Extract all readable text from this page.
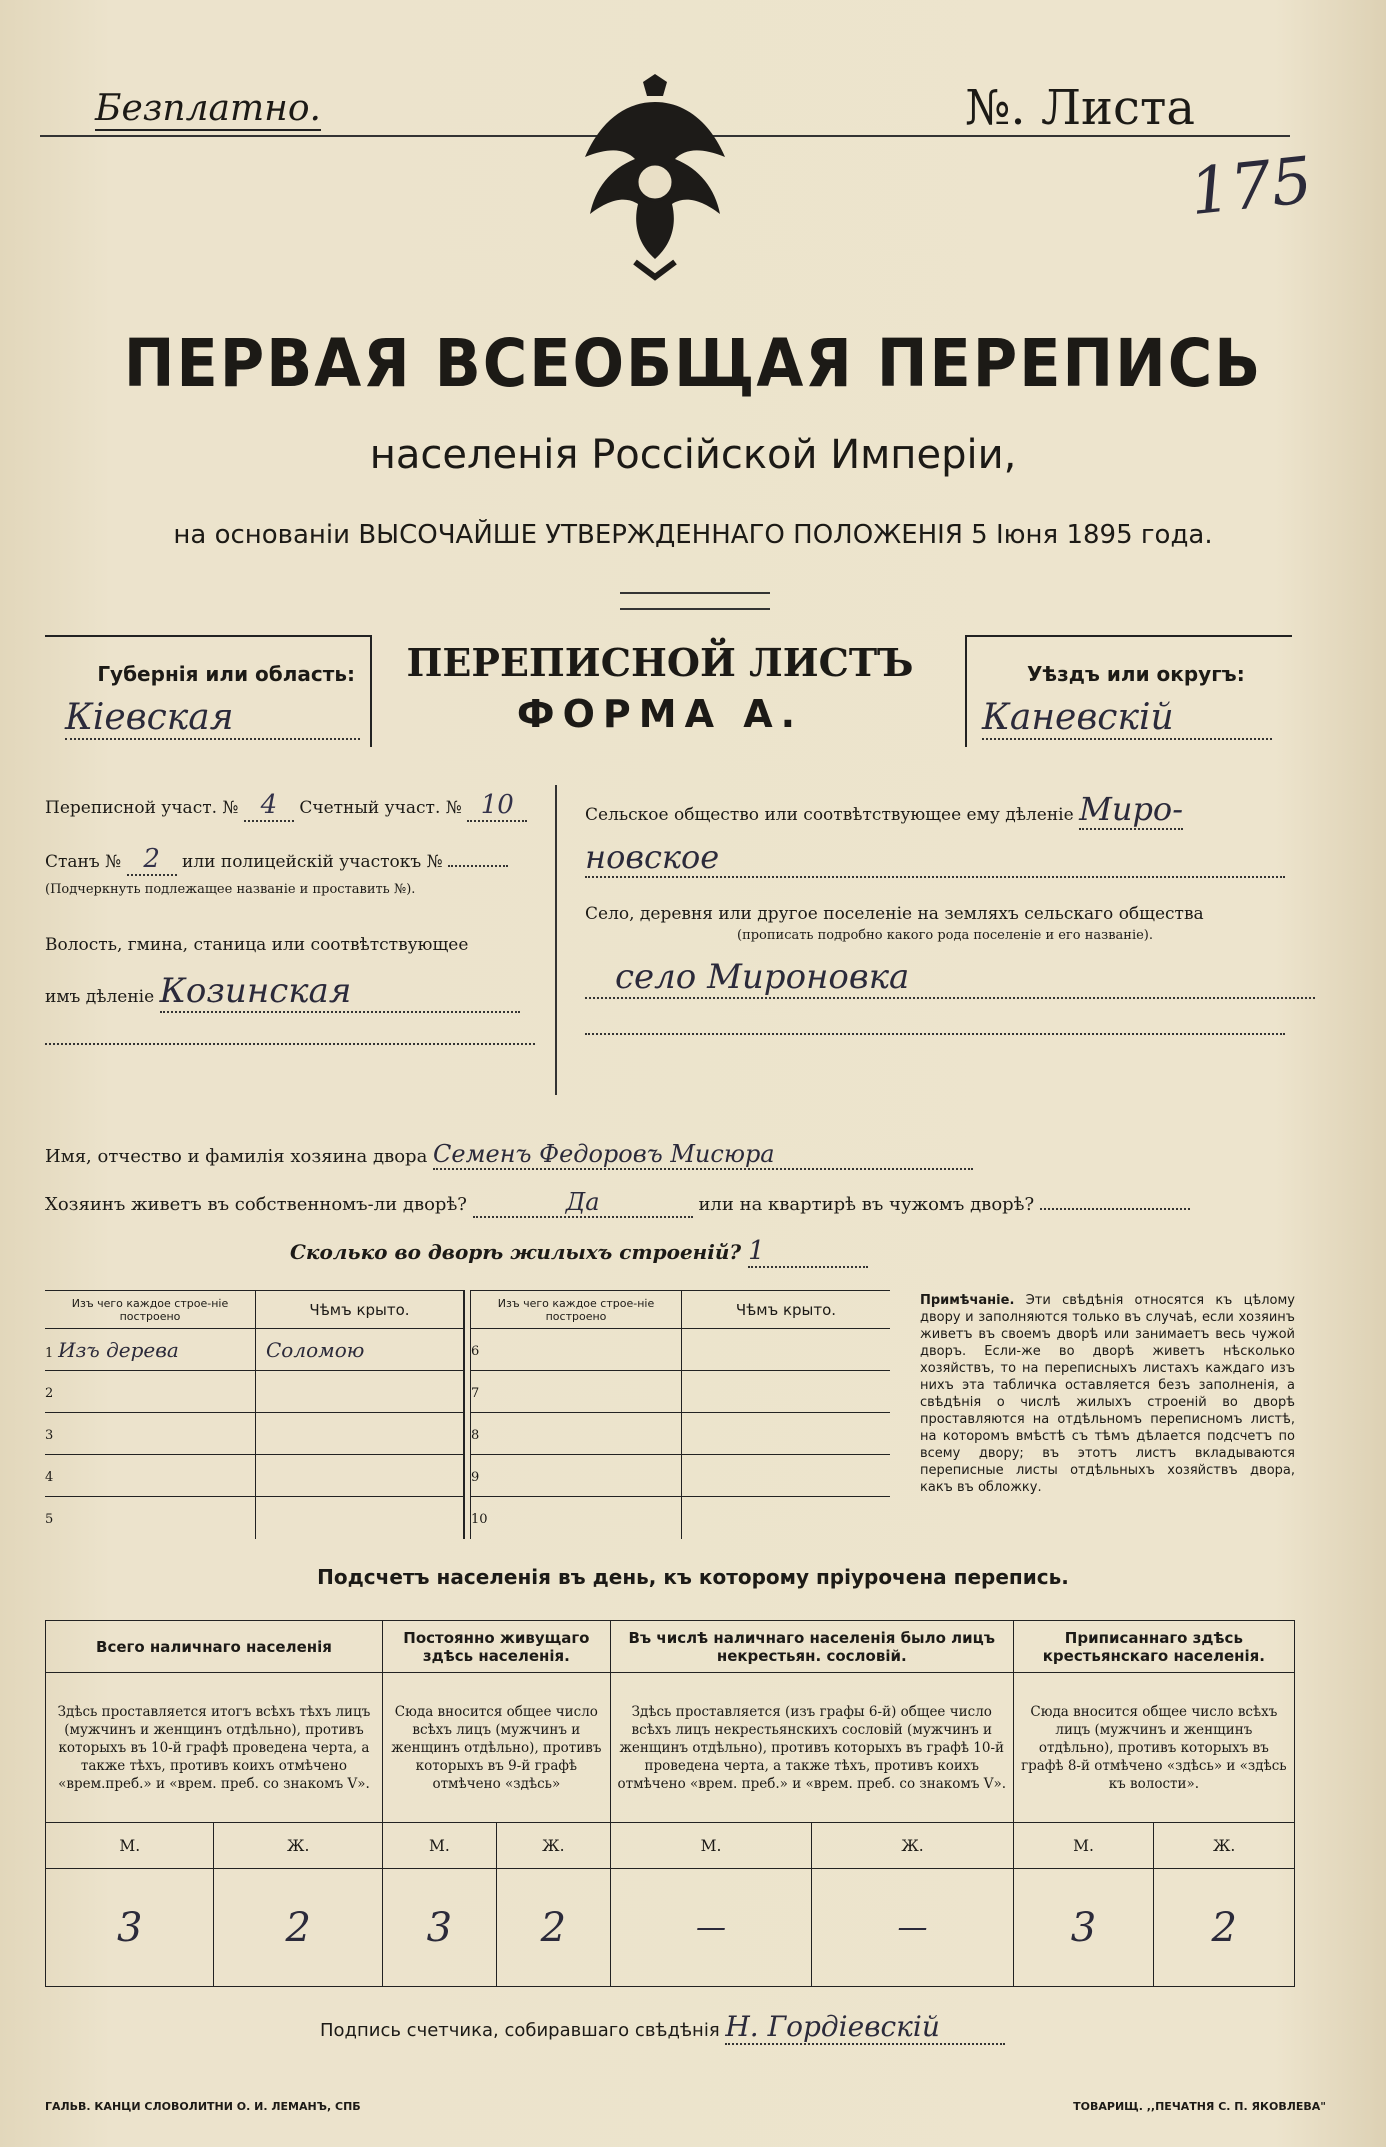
Безплатно.	№. Листа
175
ПЕРВАЯ ВСЕОБЩАЯ ПЕРЕПИСЬ
населенія Россійской Имперіи,
на основаніи ВЫСОЧАЙШЕ УТВЕРЖДЕННАГО ПОЛОЖЕНІЯ 5 Іюня 1895 года.
Губернія или область:
Кіевская
ПЕРЕПИСНОЙ ЛИСТЪ
ФОРМА А.
Уѣздъ или округъ:
Каневскій
Переписной участ. № 4 Счетный участ. № 10
Станъ № 2 или полицейскій участокъ №
(Подчеркнуть подлежащее названіе и проставить №).
Волость, гмина, станица или соотвѣтствующее
имъ дѣленіе Козинская
Сельское общество или соотвѣтствующее ему дѣленіе Миро-
новское
Село, деревня или другое поселеніе на земляхъ сельскаго общества
(прописать подробно какого рода поселеніе и его названіе).
село Мироновка
Имя, отчество и фамилія хозяина двора Семенъ Федоровъ Мисюра
Хозяинъ живетъ въ собственномъ-ли дворѣ?	Да	или на квартирѣ въ чужомъ дворѣ?
Сколько во дворѣ жилыхъ строеній? 1
Изъ чего каждое строе-ніе построено	Чѣмъ крыто.
1 Изъ дерева	Соломою
2	
3	
4	
5	
Изъ чего каждое строе-ніе построено	Чѣмъ крыто.
6	
7	
8	
9	
10	
Примѣчаніе. Эти свѣдѣнія относятся къ цѣлому двору и заполняются только въ случаѣ, если хозяинъ живетъ въ своемъ дворѣ или занимаетъ весь чужой дворъ. Если-же во дворѣ живетъ нѣсколько хозяйствъ, то на переписныхъ листахъ каждаго изъ нихъ эта табличка оставляется безъ заполненія, а свѣдѣнія о числѣ жилыхъ строеній во дворѣ проставляются на отдѣльномъ переписномъ листѣ, на которомъ вмѣстѣ съ тѣмъ дѣлается подсчетъ по всему двору; въ этотъ листъ вкладываются переписные листы отдѣльныхъ хозяйствъ двора, какъ въ обложку.
Подсчетъ населенія въ день, къ которому пріурочена перепись.
Всего наличнаго населенія		Постоянно живущаго здѣсь населенія.		Въ числѣ наличнаго населенія было лицъ некрестьян. сословій.		Приписаннаго здѣсь крестьянскаго населенія.	
Здѣсь проставляется итогъ всѣхъ тѣхъ лицъ (мужчинъ и женщинъ отдѣльно), противъ которыхъ въ 10-й графѣ проведена черта, а также тѣхъ, противъ коихъ отмѣчено «врем.преб.» и «врем. преб. со знакомъ V».		Сюда вносится общее число всѣхъ лицъ (мужчинъ и женщинъ отдѣльно), противъ которыхъ въ 9-й графѣ отмѣчено «здѣсь»		Здѣсь проставляется (изъ графы 6-й) общее число всѣхъ лицъ некрестьянскихъ сословій (мужчинъ и женщинъ отдѣльно), противъ которыхъ въ графѣ 10-й проведена черта, а также тѣхъ, противъ коихъ отмѣчено «врем. преб.» и «врем. преб. со знакомъ V».		Сюда вносится общее число всѣхъ лицъ (мужчинъ и женщинъ отдѣльно), противъ которыхъ въ графѣ 8-й отмѣчено «здѣсь» и «здѣсь къ волости».	
М.	Ж.	М.	Ж.	М.	Ж.	М.	Ж.
3	2	3	2	—	—	3	2
Подпись счетчика, собиравшаго свѣдѣнія Н. Гордіевскій
ГАЛЬВ. КАНЦИ СЛОВОЛИТНИ О. И. ЛЕМАНЪ, СПБ	ТОВАРИЩ. ,,ПЕЧАТНЯ С. П. ЯКОВЛЕВА"
